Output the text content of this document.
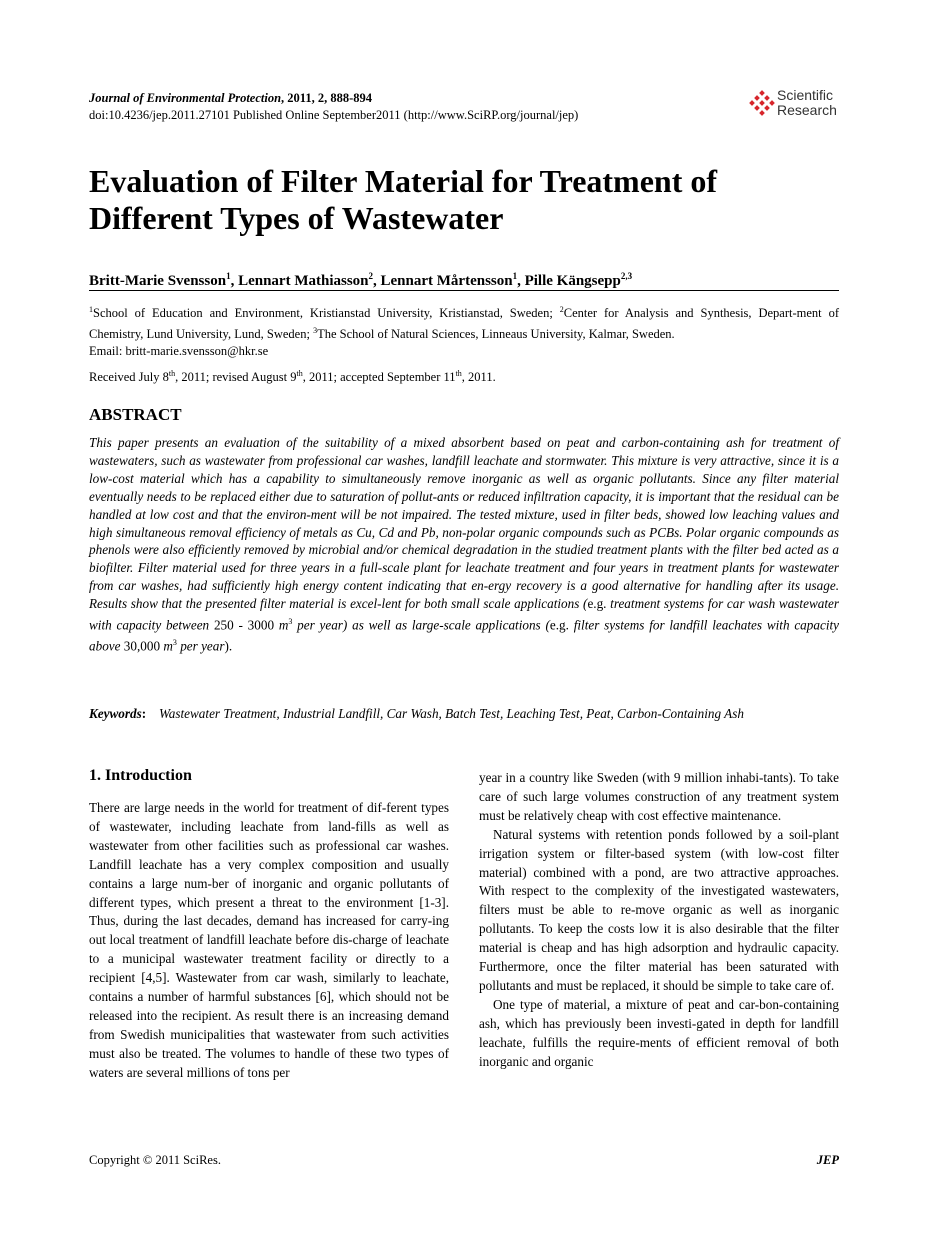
Journal of Environmental Protection, 2011, 2, 888-894
doi:10.4236/jep.2011.27101 Published Online September2011 (http://www.SciRP.org/journal/jep)
Scientific
Research
Evaluation of Filter Material for Treatment of
Different Types of Wastewater
Britt-Marie Svensson$^1$, Lennart Mathiasson$^2$, Lennart Mårtensson$^1$, Pille Kängsepp$^{2,3}$
$^1$School of Education and Environment, Kristianstad University, Kristianstad, Sweden; $^2$Center for Analysis and Synthesis, Depart-ment of Chemistry, Lund University, Lund, Sweden; $^3$The School of Natural Sciences, Linneaus University, Kalmar, Sweden.
Email: britt-marie.svensson@hkr.se
Received July 8th, 2011; revised August 9th, 2011; accepted September 11th, 2011.
ABSTRACT
This paper presents an evaluation of the suitability of a mixed absorbent based on peat and carbon-containing ash for treatment of wastewaters, such as wastewater from professional car washes, landfill leachate and stormwater. This mixture is very attractive, since it is a low-cost material which has a capability to simultaneously remove inorganic as well as organic pollutants. Since any filter material eventually needs to be replaced either due to saturation of pollut-ants or reduced infiltration capacity, it is important that the residual can be handled at low cost and that the environ-ment will be not impaired. The tested mixture, used in filter beds, showed low leaching values and high simultaneous removal efficiency of metals as Cu, Cd and Pb, non-polar organic compounds such as PCBs. Polar organic compounds as phenols were also efficiently removed by microbial and/or chemical degradation in the studied treatment plants with the filter bed acted as a biofilter. Filter material used for three years in a full-scale plant for leachate treatment and four years in treatment plants for wastewater from car washes, had sufficiently high energy content indicating that en-ergy recovery is a good alternative for handling after its usage. Results show that the presented filter material is excel-lent for both small scale applications (e.g. treatment systems for car wash wastewater with capacity between 250 - 3000 $m^3$ per year) as well as large-scale applications (e.g. filter systems for landfill leachates with capacity above 30,000 $m^3$ per year).
Keywords: Wastewater Treatment, Industrial Landfill, Car Wash, Batch Test, Leaching Test, Peat, Carbon-Containing Ash

1. Introduction

There are large needs in the world for treatment of dif-ferent types of wastewater, including leachate from land-fills as well as wastewater from other facilities such as professional car washes. Landfill leachate has a very complex composition and usually contains a large num-ber of inorganic and organic pollutants of different types, which present a threat to the environment [1-3]. Thus, during the last decades, demand has increased for carry-ing out local treatment of landfill leachate before dis-charge of leachate to a municipal wastewater treatment facility or directly to a recipient [4,5]. Wastewater from car wash, similarly to leachate, contains a number of harmful substances [6], which should not be released into the recipient. As result there is an increasing demand from Swedish municipalities that wastewater from such activities must also be treated. The volumes to handle of these two types of waters are several millions of tons per

year in a country like Sweden (with 9 million inhabi-tants). To take care of such large volumes construction of any treatment system must be relatively cheap with cost effective maintenance.

Natural systems with retention ponds followed by a soil-plant irrigation system or filter-based system (with low-cost filter material) combined with a pond, are two attractive approaches. With respect to the complexity of the investigated wastewaters, filters must be able to re-move organic as well as inorganic pollutants. To keep the costs low it is also desirable that the filter material is cheap and has high adsorption and hydraulic capacity. Furthermore, once the filter material has been saturated with pollutants and must be replaced, it should be simple to take care of.

One type of material, a mixture of peat and car-bon-containing ash, which has previously been investi-gated in depth for landfill leachate, fulfills the require-ments of efficient removal of both inorganic and organic

Copyright © 2011 SciRes.	JEP
